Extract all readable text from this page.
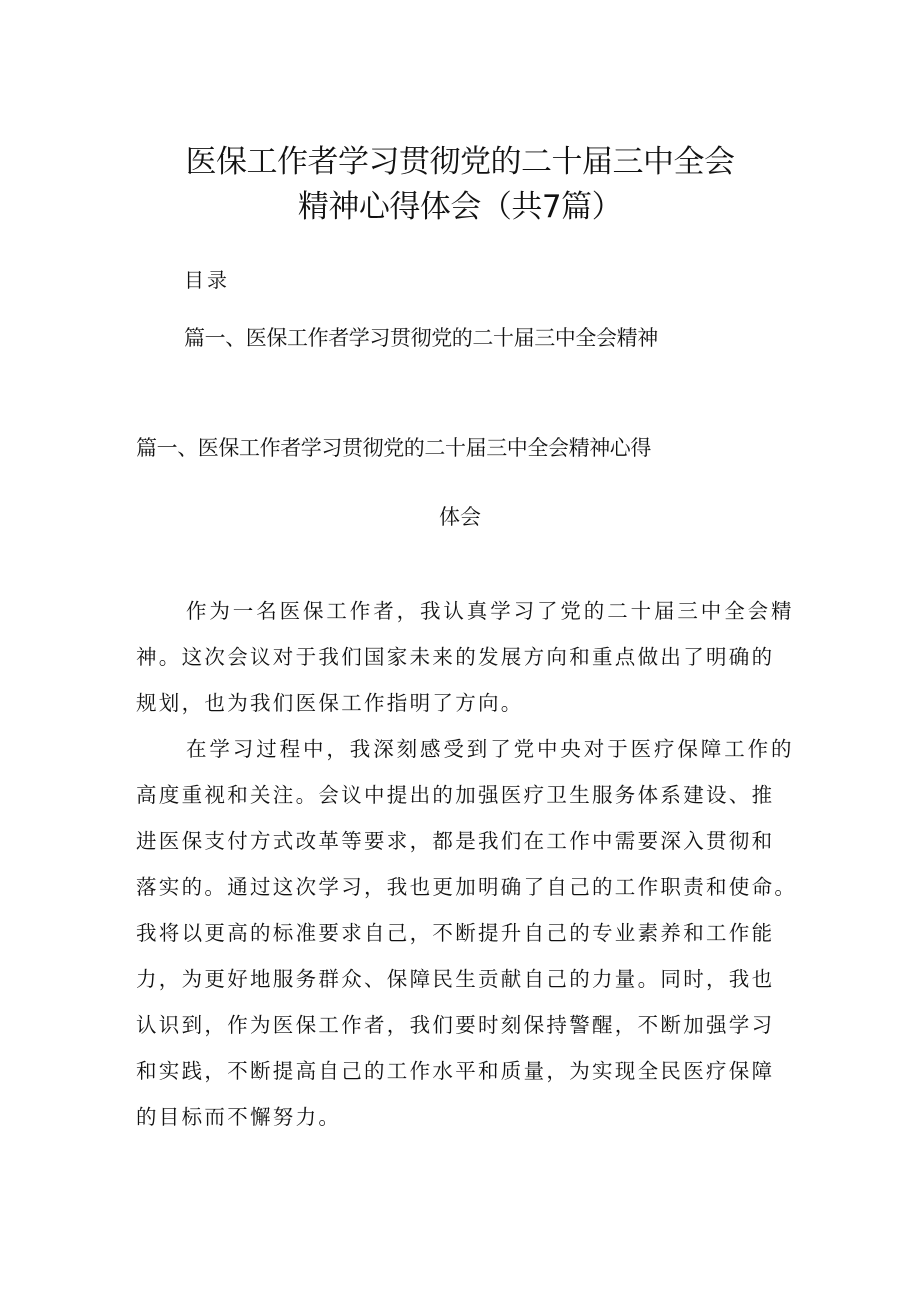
医保工作者学习贯彻党的二十届三中全会
精神心得体会（共7篇）
目录
篇一、医保工作者学习贯彻党的二十届三中全会精神
篇一、医保工作者学习贯彻党的二十届三中全会精神心得
体会
作为一名医保工作者，我认真学习了党的二十届三中全会精
神。这次会议对于我们国家未来的发展方向和重点做出了明确的
规划，也为我们医保工作指明了方向。
在学习过程中，我深刻感受到了党中央对于医疗保障工作的
高度重视和关注。会议中提出的加强医疗卫生服务体系建设、推
进医保支付方式改革等要求，都是我们在工作中需要深入贯彻和
落实的。通过这次学习，我也更加明确了自己的工作职责和使命。
我将以更高的标准要求自己，不断提升自己的专业素养和工作能
力，为更好地服务群众、保障民生贡献自己的力量。同时，我也
认识到，作为医保工作者，我们要时刻保持警醒，不断加强学习
和实践，不断提高自己的工作水平和质量，为实现全民医疗保障
的目标而不懈努力。
